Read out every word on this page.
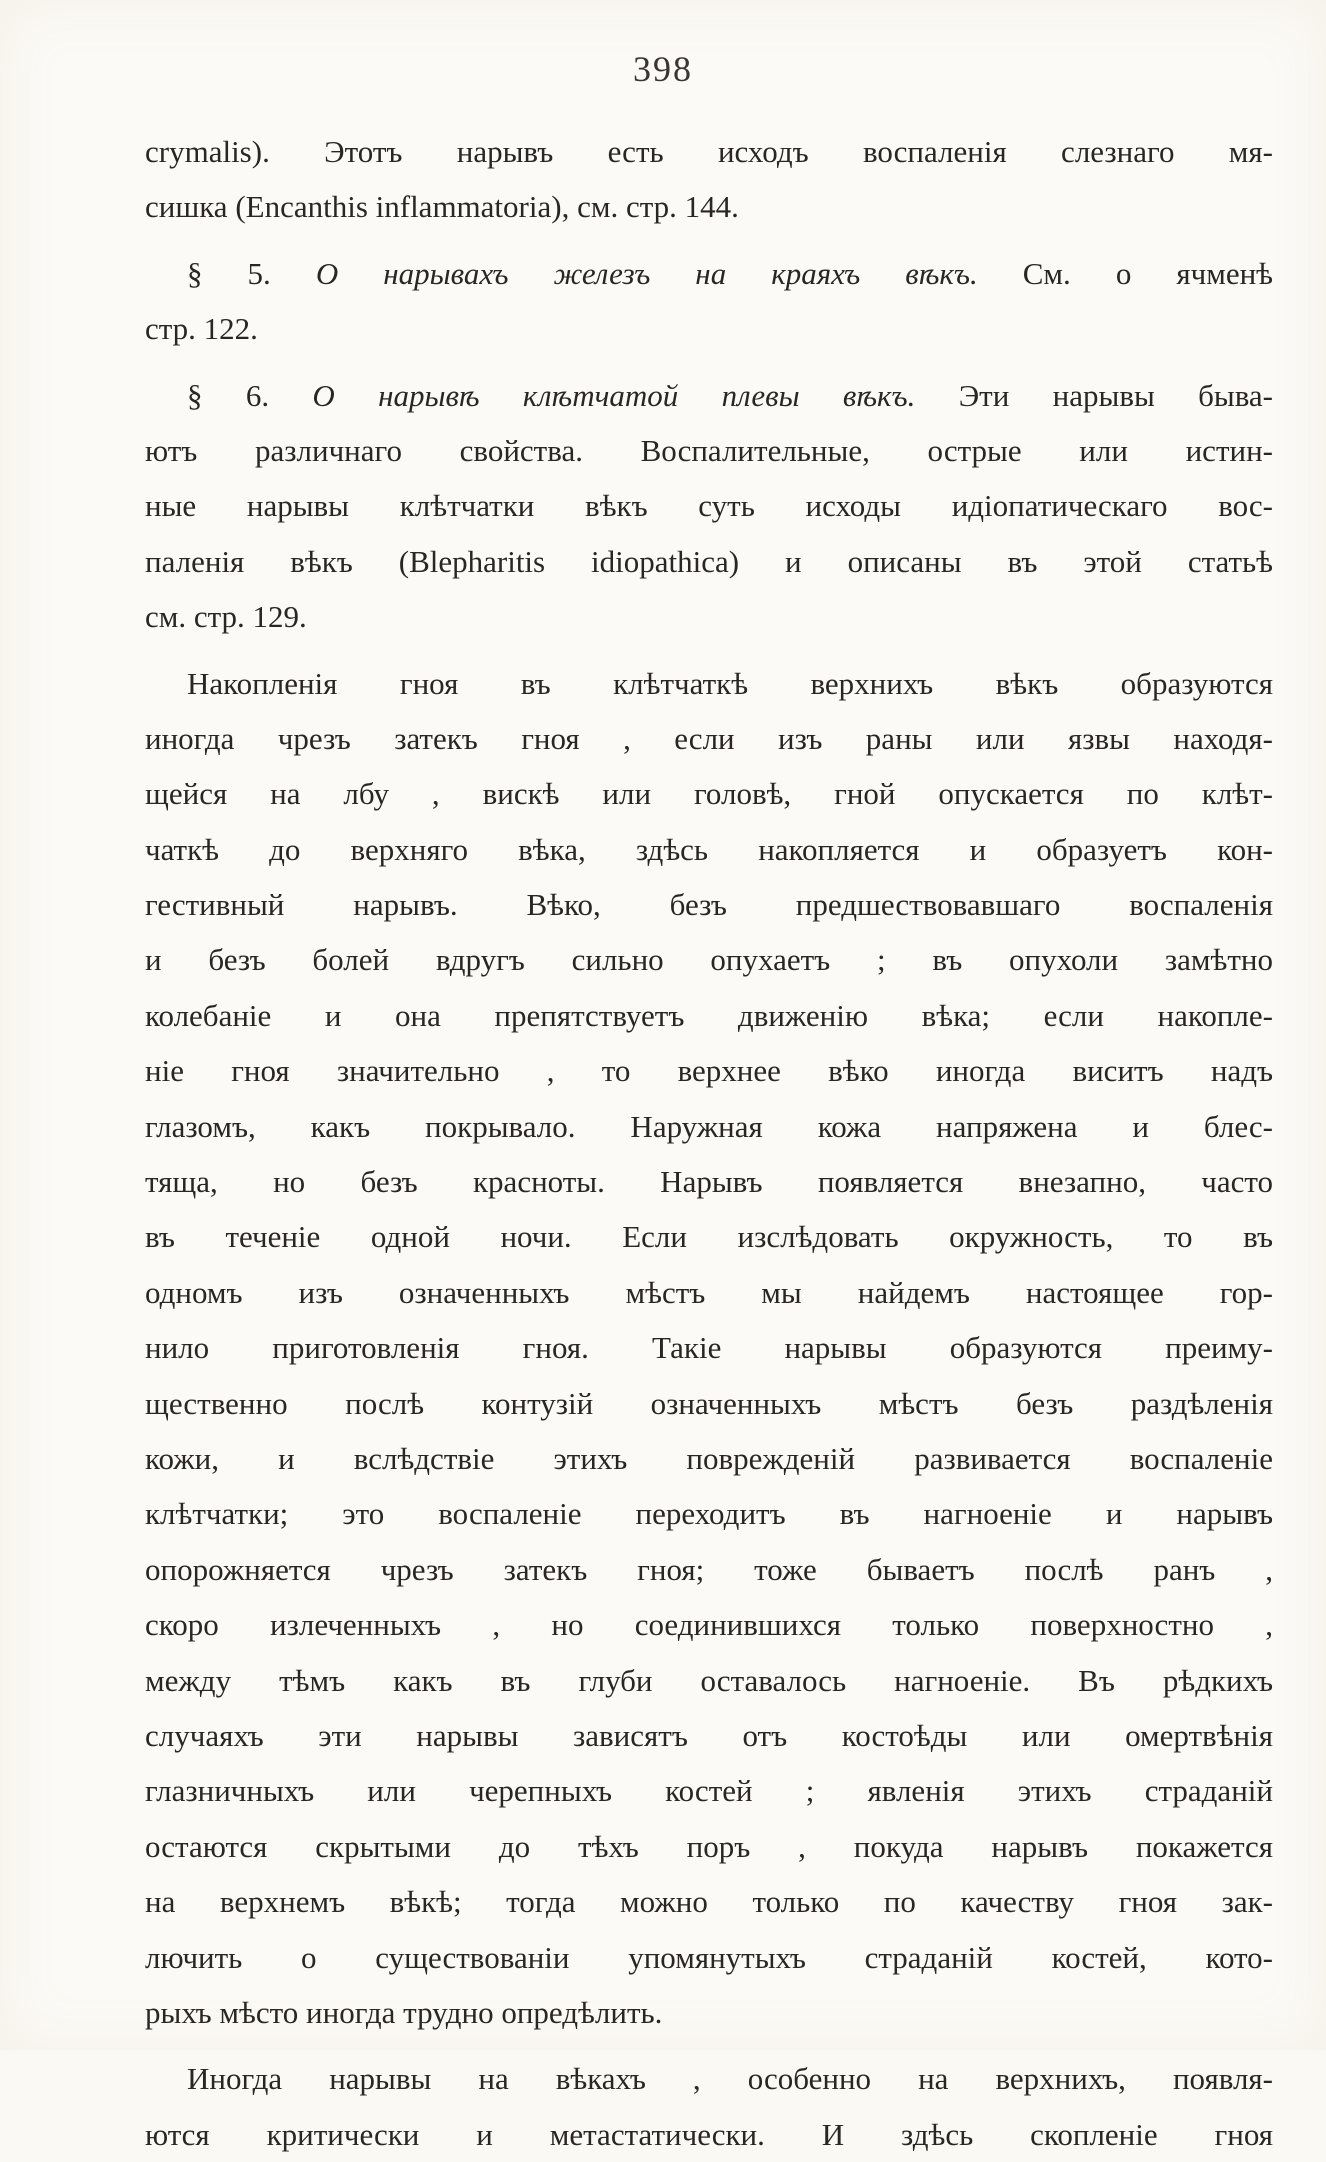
398
crymalis). Этотъ нарывъ есть исходъ воспаленія слезнаго мя-
сишка (Encanthis inflammatoria), см. стр. 144.
§ 5. О нарывахъ железъ на краяхъ вѣкъ. См. о ячменѣ
стр. 122.
§ 6. О нарывѣ клѣтчатой плевы вѣкъ. Эти нарывы быва-
ютъ различнаго свойства. Воспалительные, острые или истин-
ные нарывы клѣтчатки вѣкъ суть исходы идіопатическаго вос-
паленія вѣкъ (Blepharitis idiopathica) и описаны въ этой статьѣ
см. стр. 129.
Накопленія гноя въ клѣтчаткѣ верхнихъ вѣкъ образуются
иногда чрезъ затекъ гноя , если изъ раны или язвы находя-
щейся на лбу , вискѣ или головѣ, гной опускается по клѣт-
чаткѣ до верхняго вѣка, здѣсь накопляется и образуетъ кон-
гестивный нарывъ. Вѣко, безъ предшествовавшаго воспаленія
и безъ болей вдругъ сильно опухаетъ ; въ опухоли замѣтно
колебаніе и она препятствуетъ движенію вѣка; если накопле-
ніе гноя значительно , то верхнее вѣко иногда виситъ надъ
глазомъ, какъ покрывало. Наружная кожа напряжена и блес-
тяща, но безъ красноты. Нарывъ появляется внезапно, часто
въ теченіе одной ночи. Если изслѣдовать окружность, то въ
одномъ изъ означенныхъ мѣстъ мы найдемъ настоящее гор-
нило приготовленія гноя. Такіе нарывы образуются преиму-
щественно послѣ контузій означенныхъ мѣстъ безъ раздѣленія
кожи, и вслѣдствіе этихъ поврежденій развивается воспаленіе
клѣтчатки; это воспаленіе переходитъ въ нагноеніе и нарывъ
опорожняется чрезъ затекъ гноя; тоже бываетъ послѣ ранъ ,
скоро излеченныхъ , но соединившихся только поверхностно ,
между тѣмъ какъ въ глуби оставалось нагноеніе. Въ рѣдкихъ
случаяхъ эти нарывы зависятъ отъ костоѣды или омертвѣнія
глазничныхъ или черепныхъ костей ; явленія этихъ страданій
остаются скрытыми до тѣхъ поръ , покуда нарывъ покажется
на верхнемъ вѣкѣ; тогда можно только по качеству гноя зак-
лючить о существованіи упомянутыхъ страданій костей, кото-
рыхъ мѣсто иногда трудно опредѣлить.
Иногда нарывы на вѣкахъ , особенно на верхнихъ, появля-
ются критически и метастатически. И здѣсь скопленіе гноя
